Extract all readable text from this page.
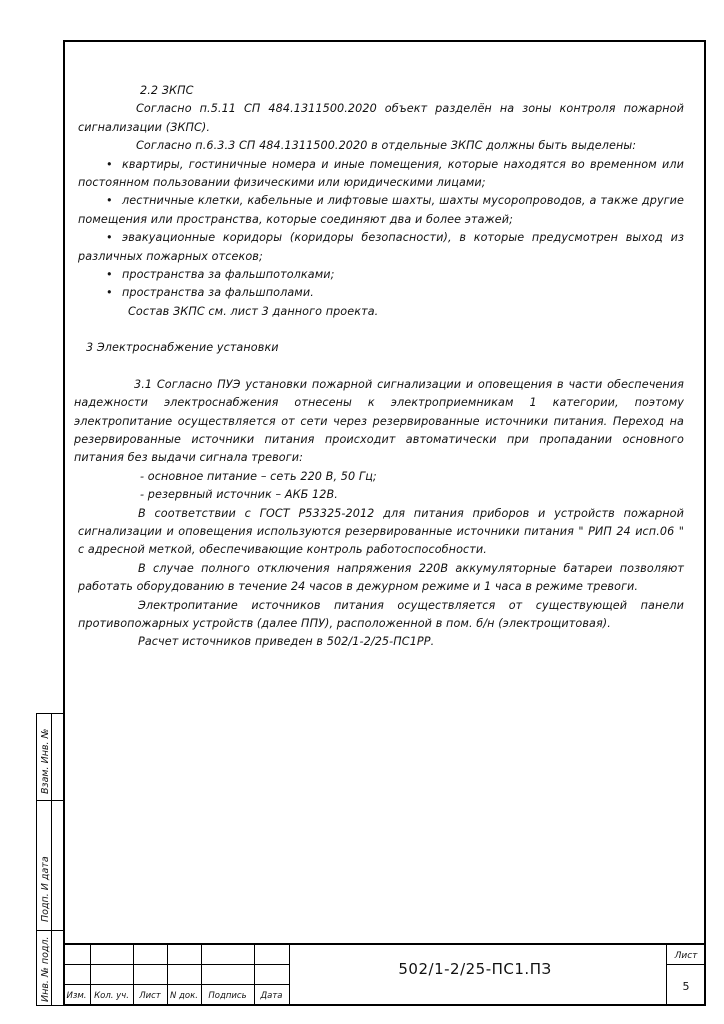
2.2 ЗКПС

Согласно п.5.11 СП 484.1311500.2020 объект разделён на зоны контроля пожарной сигнализации (ЗКПС).

Согласно п.6.3.3 СП 484.1311500.2020 в отдельные ЗКПС должны быть выделены:

• квартиры, гостиничные номера и иные помещения, которые находятся во временном или постоянном пользовании физическими или юридическими лицами;

• лестничные клетки, кабельные и лифтовые шахты, шахты мусоропроводов, а также другие помещения или пространства, которые соединяют два и более этажей;

• эвакуационные коридоры (коридоры безопасности), в которые предусмотрен выход из различных пожарных отсеков;

• пространства за фальшпотолками;

• пространства за фальшполами.

Состав ЗКПС см. лист 3 данного проекта.

3 Электроснабжение установки

3.1 Согласно ПУЭ установки пожарной сигнализации и оповещения в части обеспечения надежности электроснабжения отнесены к электроприемникам 1 категории, поэтому электропитание осуществляется от сети через резервированные источники питания. Переход на резервированные источники питания происходит автоматически при пропадании основного питания без выдачи сигнала тревоги:

- основное питание – сеть 220 В, 50 Гц;

- резервный источник – АКБ 12В.

В соответствии с ГОСТ Р53325-2012 для питания приборов и устройств пожарной сигнализации и оповещения используются резервированные источники питания " РИП 24 исп.06 " с адресной меткой, обеспечивающие контроль работоспособности.

В случае полного отключения напряжения 220В аккумуляторные батареи позволяют работать оборудованию в течение 24 часов в дежурном режиме и 1 часа в режиме тревоги.

Электропитание источников питания осуществляется от существующей панели противопожарных устройств (далее ППУ), расположенной в пом. б/н (электрощитовая).

Расчет источников приведен в 502/1-2/25-ПС1РР.

Взам. Инв. №
Подп. И дата
Инв. № подл.	Изм. Кол. уч.	Лист	N док.	Подпись	Дата
502/1-2/25-ПС1.ПЗ
Лист
5
